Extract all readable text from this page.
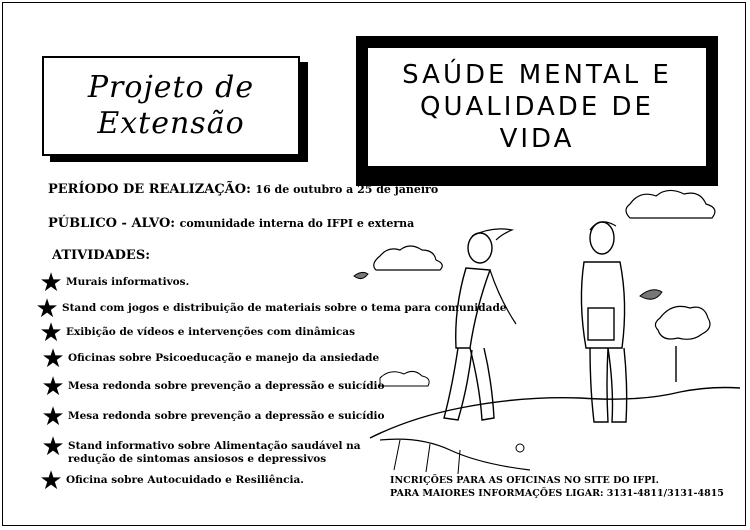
Projeto de
Extensão
SAÚDE MENTAL E
QUALIDADE DE
VIDA
PERÍODO DE REALIZAÇÃO: 16 de outubro a 25 de janeiro
PÚBLICO - ALVO: comunidade interna do IFPI e externa
ATIVIDADES:
★ Murais informativos.
★ Stand com jogos e distribuição de materiais sobre o tema para comunidade
★ Exibição de vídeos e intervenções com dinâmicas
★ Oficinas sobre Psicoeducação e manejo da ansiedade
★ Mesa redonda sobre prevenção a depressão e suicídio
★ Mesa redonda sobre prevenção a depressão e suicídio
★ Stand informativo sobre Alimentação saudável na redução de sintomas ansiosos e depressivos
★ Oficina sobre Autocuidado e Resiliência.	INCRIÇÕES PARA AS OFICINAS NO SITE DO IFPI.
PARA MAIORES INFORMAÇÕES LIGAR: 3131-4811/3131-4815
